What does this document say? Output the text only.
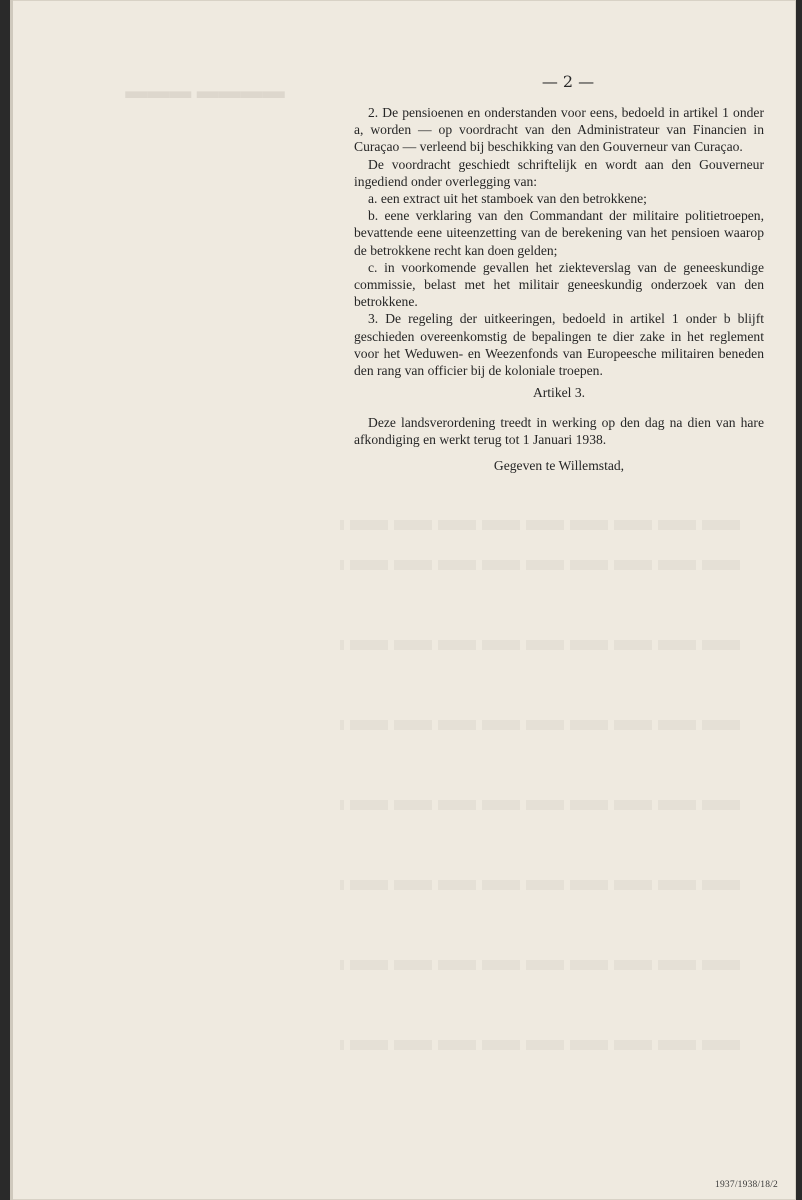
▬▬▬▬ ▬▬▬	— 2 —

2. De pensioenen en onderstanden voor eens, bedoeld in artikel 1 onder a, worden — op voordracht van den Administrateur van Financien in Curaçao — verleend bij beschikking van den Gouverneur van Curaçao.

De voordracht geschiedt schriftelijk en wordt aan den Gouverneur ingediend onder overlegging van:

a. een extract uit het stamboek van den betrokkene;

b. eene verklaring van den Commandant der militaire politietroepen, bevattende eene uiteenzetting van de berekening van het pensioen waarop de betrokkene recht kan doen gelden;

c. in voorkomende gevallen het ziekteverslag van de geneeskundige commissie, belast met het militair geneeskundig onderzoek van den betrokkene.

3. De regeling der uitkeeringen, bedoeld in artikel 1 onder b blijft geschieden overeenkomstig de bepalingen te dier zake in het reglement voor het Weduwen- en Weezenfonds van Europeesche militairen beneden den rang van officier bij de koloniale troepen.

Artikel 3.

Deze landsverordening treedt in werking op den dag na dien van hare afkondiging en werkt terug tot 1 Januari 1938.

Gegeven te Willemstad,
1937/1938/18/2
